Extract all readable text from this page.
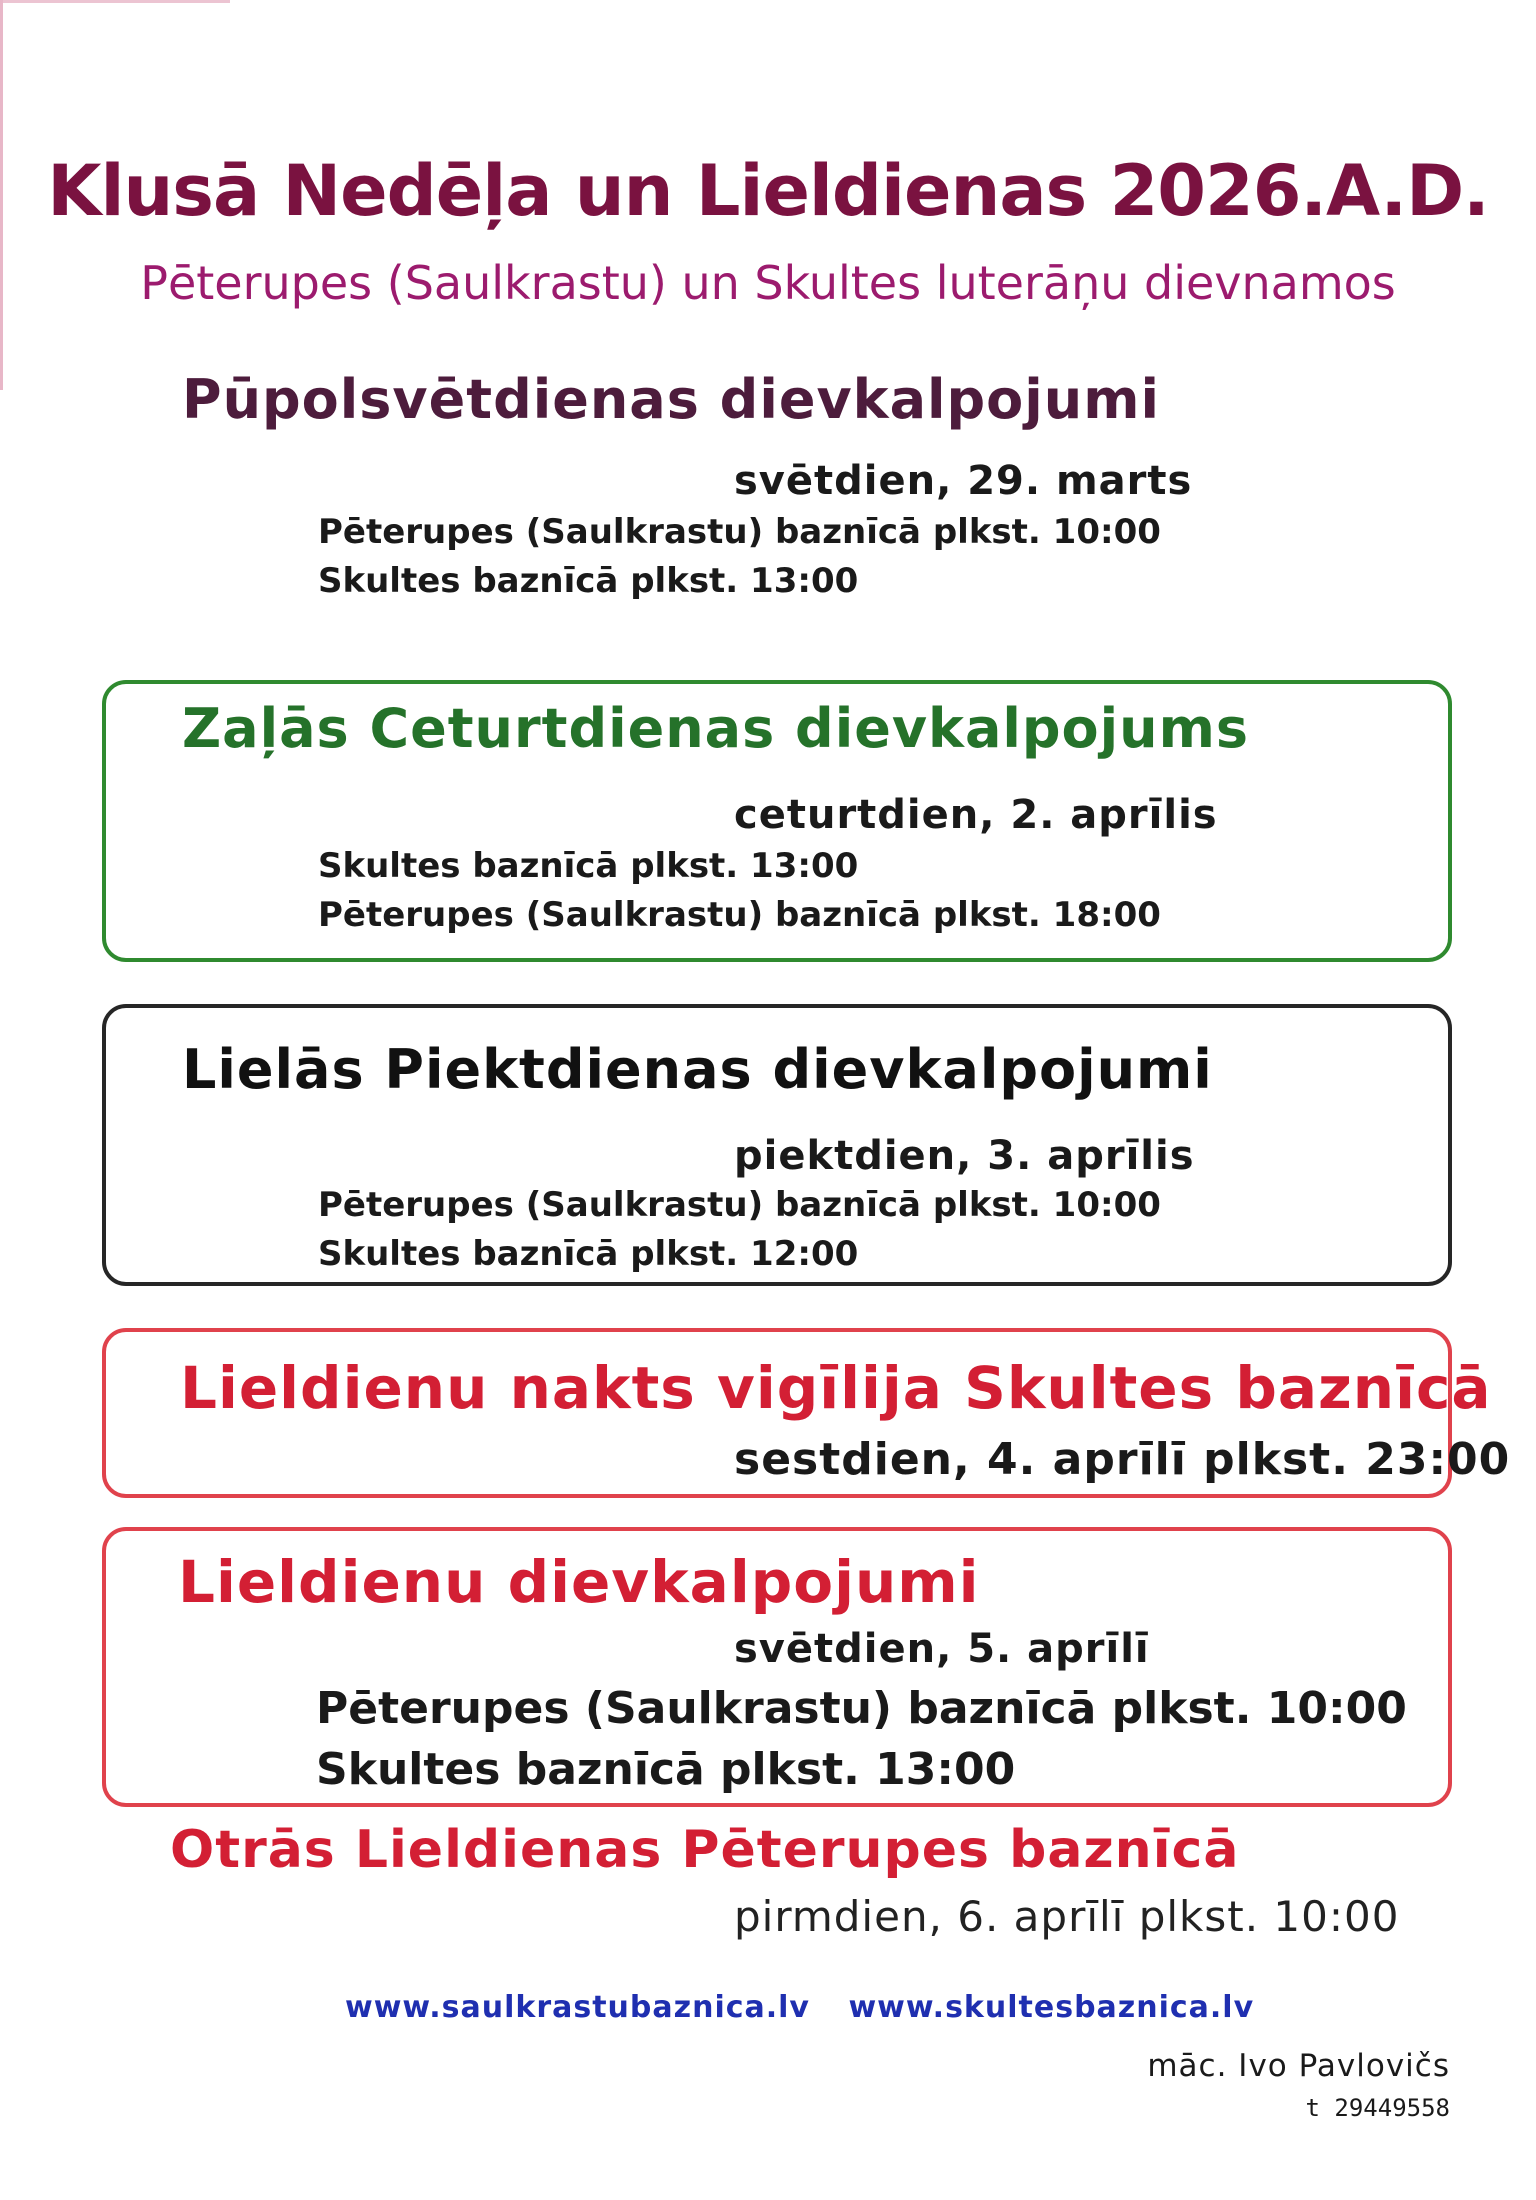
Klusā Nedēļa un Lieldienas 2026.A.D.
Pēterupes (Saulkrastu) un Skultes luterāņu dievnamos
Pūpolsvētdienas dievkalpojumi
svētdien, 29. marts
Pēterupes (Saulkrastu) baznīcā plkst. 10:00
Skultes baznīcā plkst. 13:00
Zaļās Ceturtdienas dievkalpojums
ceturtdien, 2. aprīlis
Skultes baznīcā plkst. 13:00
Pēterupes (Saulkrastu) baznīcā plkst. 18:00
Lielās Piektdienas dievkalpojumi
piektdien, 3. aprīlis
Pēterupes (Saulkrastu) baznīcā plkst. 10:00
Skultes baznīcā plkst. 12:00
Lieldienu nakts vigīlija Skultes baznīcā
sestdien, 4. aprīlī plkst. 23:00
Lieldienu dievkalpojumi
svētdien, 5. aprīlī
Pēterupes (Saulkrastu) baznīcā plkst. 10:00
Skultes baznīcā plkst. 13:00
Otrās Lieldienas Pēterupes baznīcā
pirmdien, 6. aprīlī plkst. 10:00
www.saulkrastubaznica.lv www.skultesbaznica.lv
māc. Ivo Pavlovičs
t 29449558
